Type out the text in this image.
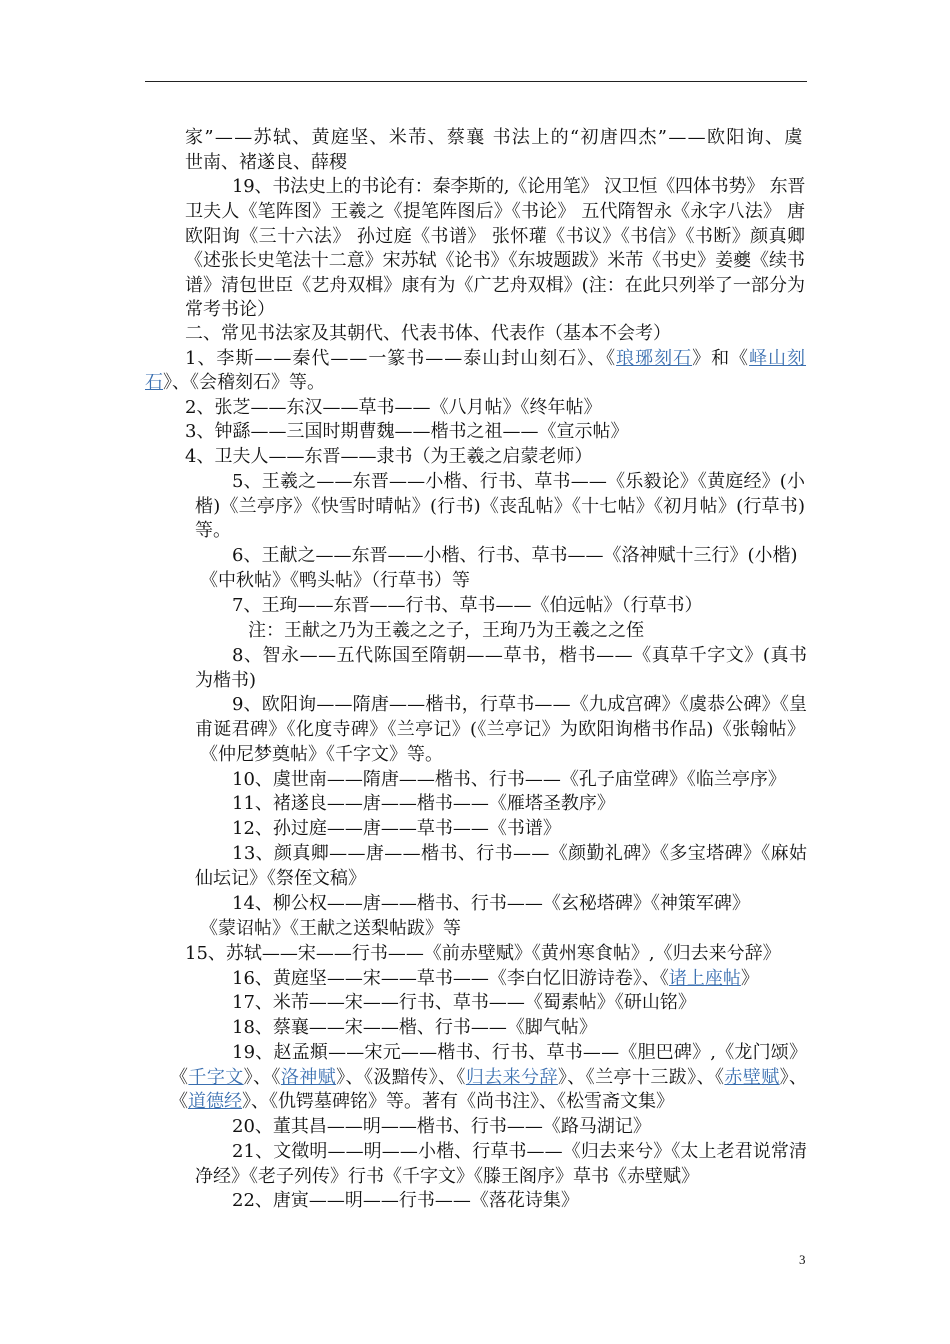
家”——苏轼、黄庭坚、米芾、蔡襄 书法上的“初唐四杰”——欧阳询、虞
世南、褚遂良、薛稷
19、书法史上的书论有：秦李斯的,《论用笔》 汉卫恒《四体书势》 东晋
卫夫人《笔阵图》王羲之《提笔阵图后》《书论》 五代隋智永《永字八法》 唐
欧阳询《三十六法》 孙过庭《书谱》 张怀瓘《书议》《书信》《书断》颜真卿
《述张长史笔法十二意》宋苏轼《论书》《东坡题跋》米芾《书史》姜夔《续书
谱》清包世臣《艺舟双楫》康有为《广艺舟双楫》(注：在此只列举了一部分为
常考书论）
二、常见书法家及其朝代、代表书体、代表作（基本不会考）
1、李斯——秦代——一篆书——泰山封山刻石》、《琅琊刻石》和《峄山刻
石》、《会稽刻石》等。
2、张芝——东汉——草书——《八月帖》《终年帖》
3、钟繇——三国时期曹魏——楷书之祖——《宣示帖》
4、卫夫人——东晋——隶书（为王羲之启蒙老师）
5、王羲之——东晋——小楷、行书、草书——《乐毅论》《黄庭经》(小
楷)《兰亭序》《快雪时晴帖》(行书)《丧乱帖》《十七帖》《初月帖》(行草书)
等。
6、王献之——东晋——小楷、行书、草书——《洛神赋十三行》(小楷)
《中秋帖》《鸭头帖》（行草书）等
7、王珣——东晋——行书、草书——《伯远帖》（行草书）
注：王献之乃为王羲之之子，王珣乃为王羲之之侄
8、智永——五代陈国至隋朝——草书，楷书——《真草千字文》(真书
为楷书)
9、欧阳询——隋唐——楷书，行草书——《九成宫碑》《虞恭公碑》《皇
甫诞君碑》《化度寺碑》《兰亭记》(《兰亭记》为欧阳询楷书作品)《张翰帖》
《仲尼梦奠帖》《千字文》等。
10、虞世南——隋唐——楷书、行书——《孔子庙堂碑》《临兰亭序》
11、褚遂良——唐——楷书——《雁塔圣教序》
12、孙过庭——唐——草书——《书谱》
13、颜真卿——唐——楷书、行书——《颜勤礼碑》《多宝塔碑》《麻姑
仙坛记》《祭侄文稿》
14、柳公权——唐——楷书、行书——《玄秘塔碑》《神策军碑》
《蒙诏帖》《王献之送梨帖跋》等
15、苏轼——宋——行书——《前赤壁赋》《黄州寒食帖》,《归去来兮辞》
16、黄庭坚——宋——草书——《李白忆旧游诗卷》、《诸上座帖》
17、米芾——宋——行书、草书——《蜀素帖》《研山铭》
18、蔡襄——宋——楷、行书——《脚气帖》
19、赵孟頫——宋元——楷书、行书、草书——《胆巴碑》,《龙门颂》
《千字文》、《洛神赋》、《汲黯传》、《归去来兮辞》、《兰亭十三跋》、《赤壁赋》、
《道德经》、《仇锷墓碑铭》等。著有《尚书注》、《松雪斋文集》
20、董其昌——明——楷书、行书——《路马湖记》
21、文徵明——明——小楷、行草书——《归去来兮》《太上老君说常清
净经》《老子列传》行书《千字文》《滕王阁序》草书《赤壁赋》
22、唐寅——明——行书——《落花诗集》
3
